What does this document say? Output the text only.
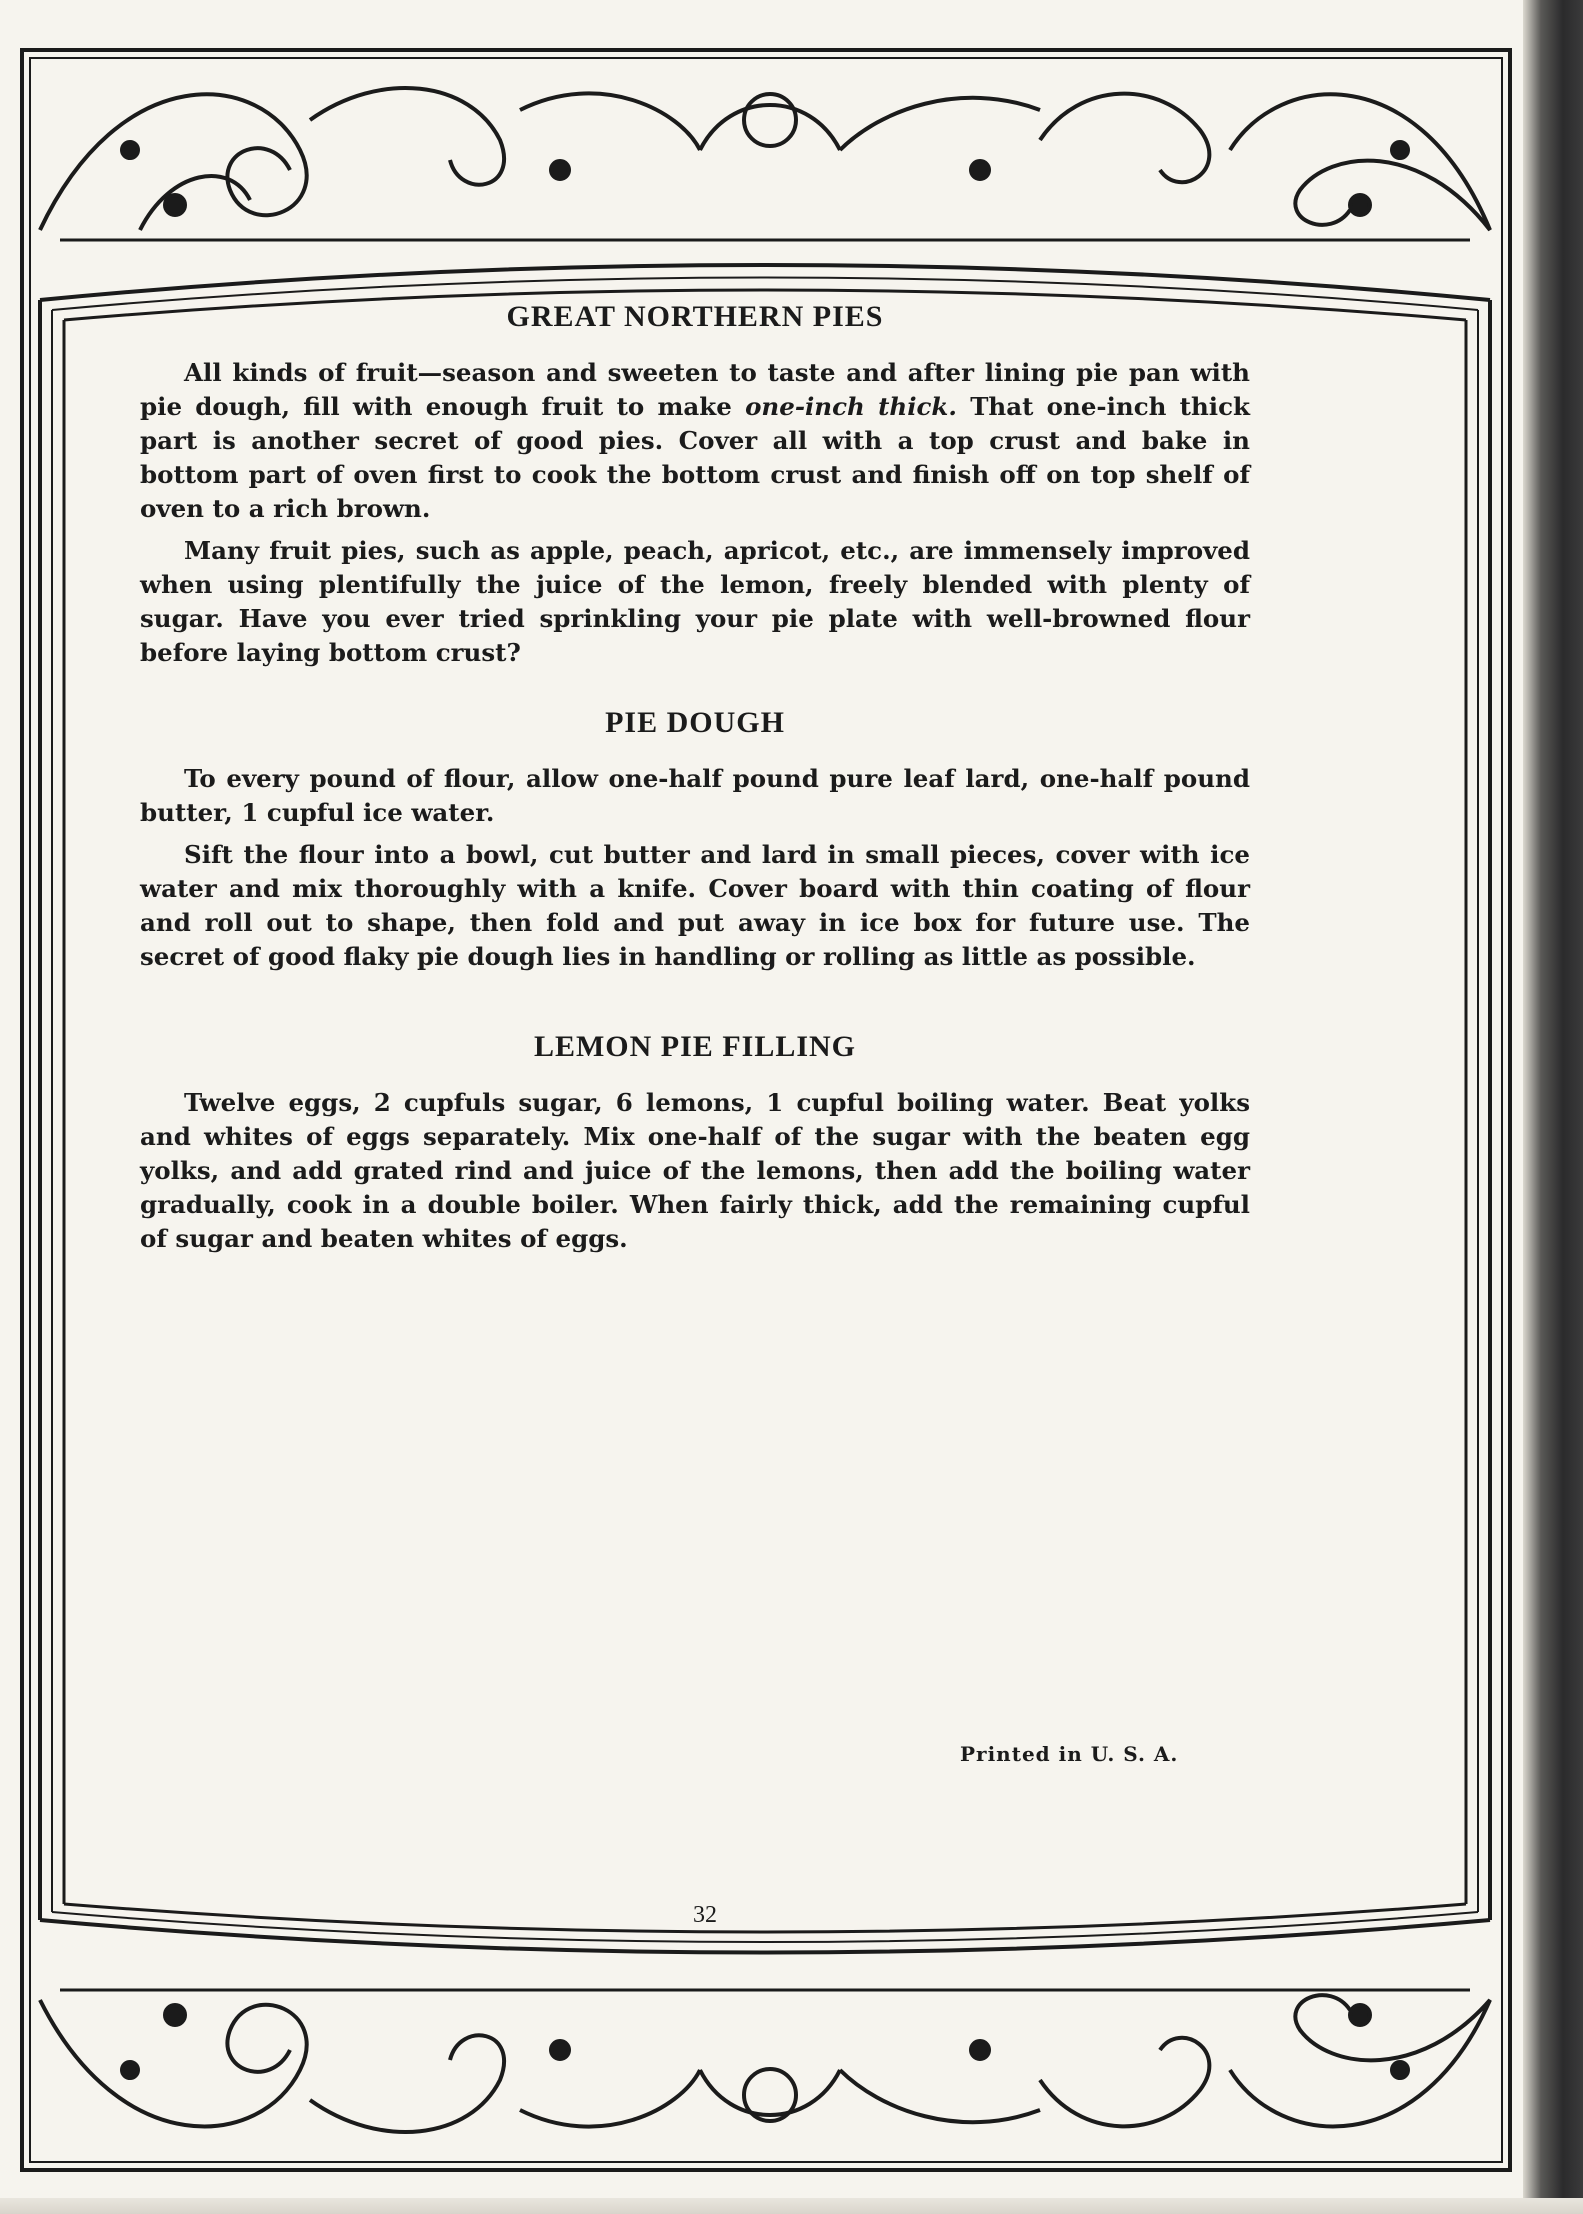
GREAT NORTHERN PIES

All kinds of fruit—season and sweeten to taste and after lining pie pan with pie dough, fill with enough fruit to make one-inch thick. That one-inch thick part is another secret of good pies. Cover all with a top crust and bake in bottom part of oven first to cook the bottom crust and finish off on top shelf of oven to a rich brown.

Many fruit pies, such as apple, peach, apricot, etc., are immensely improved when using plentifully the juice of the lemon, freely blended with plenty of sugar. Have you ever tried sprinkling your pie plate with well-browned flour before laying bottom crust?

PIE DOUGH

To every pound of flour, allow one-half pound pure leaf lard, one-half pound butter, 1 cupful ice water.

Sift the flour into a bowl, cut butter and lard in small pieces, cover with ice water and mix thoroughly with a knife. Cover board with thin coating of flour and roll out to shape, then fold and put away in ice box for future use. The secret of good flaky pie dough lies in handling or rolling as little as possible.

LEMON PIE FILLING

Twelve eggs, 2 cupfuls sugar, 6 lemons, 1 cupful boiling water. Beat yolks and whites of eggs separately. Mix one-half of the sugar with the beaten egg yolks, and add grated rind and juice of the lemons, then add the boiling water gradually, cook in a double boiler. When fairly thick, add the remaining cupful of sugar and beaten whites of eggs.

Printed in U. S. A.
32
